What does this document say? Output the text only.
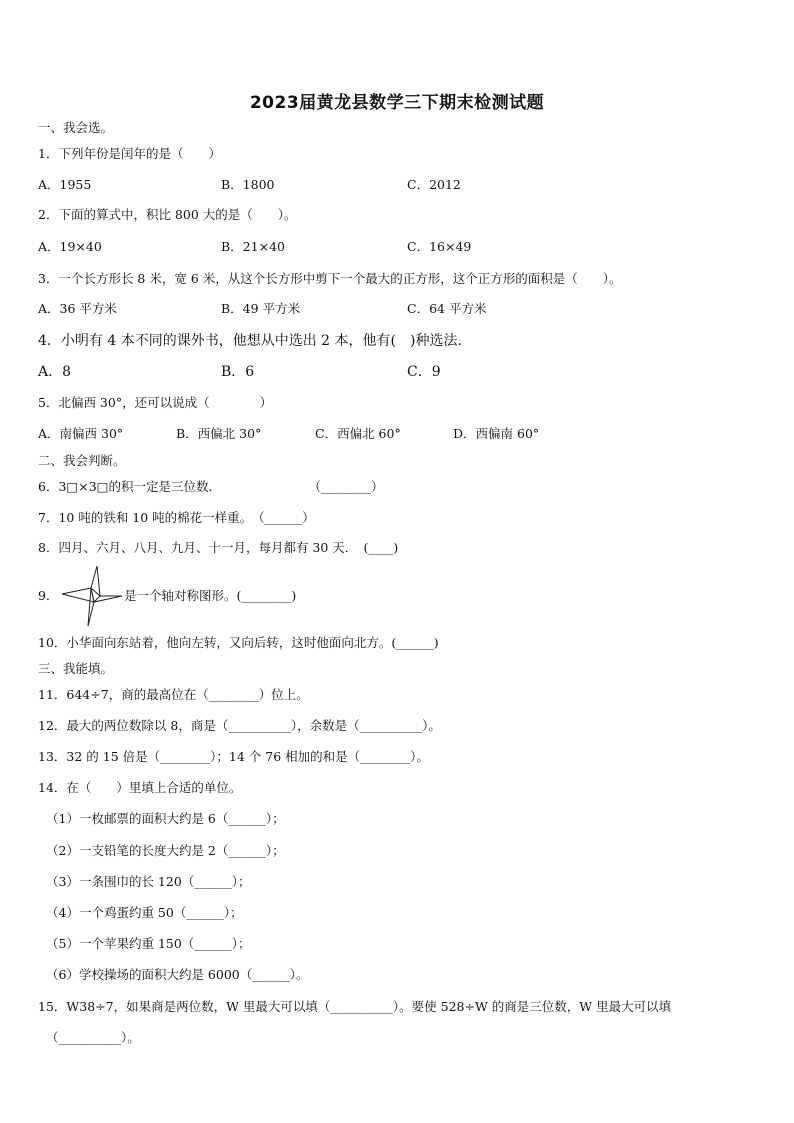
2023届黄龙县数学三下期末检测试题
一、我会选。
1．下列年份是闰年的是（　　）
A．1955	B．1800	C．2012
2．下面的算式中，积比 800 大的是（　　）。
A．19×40	B．21×40	C．16×49
3．一个长方形长 8 米，宽 6 米，从这个长方形中剪下一个最大的正方形，这个正方形的面积是（　　）。
A．36 平方米	B．49 平方米	C．64 平方米
4．小明有 4 本不同的课外书，他想从中选出 2 本，他有(　)种选法．
A．8	B．6	C．9
5．北偏西 30°，还可以说成（　　　　）
A．南偏西 30°	B．西偏北 30°	C．西偏北 60°	D．西偏南 60°
二、我会判断。
6．3□×3□的积一定是三位数．　　　　　　　　（________）
7．10 吨的铁和 10 吨的棉花一样重。　（______）
8．四月、六月、八月、九月、十一月，每月都有 30 天．　(____)
9．	是一个轴对称图形。(________)
10．小华面向东站着，他向左转，又向后转，这时他面向北方。(______)
三、我能填。
11．644÷7，商的最高位在（________）位上。
12．最大的两位数除以 8，商是（__________），余数是（__________）。
13．32 的 15 倍是（________）；14 个 76 相加的和是（________）。
14．在（　　）里填上合适的单位。
（1）一枚邮票的面积大约是 6（______）；
（2）一支铅笔的长度大约是 2（______）；
（3）一条围巾的长 120（______）；
（4）一个鸡蛋约重 50（______）；
（5）一个苹果约重 150（______）；
（6）学校操场的面积大约是 6000（______）。
15．W38÷7，如果商是两位数，W 里最大可以填（__________）。要使 528÷W 的商是三位数，W 里最大可以填
（__________）。
